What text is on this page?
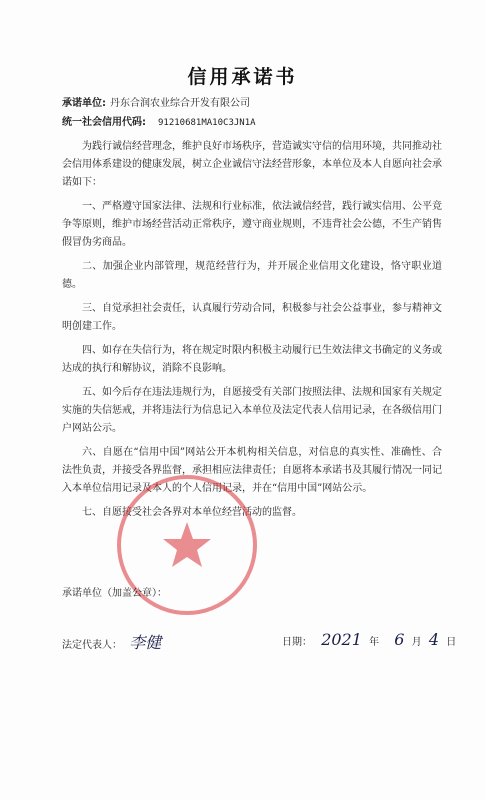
信用承诺书
承诺单位: 丹东合润农业综合开发有限公司
统一社会信用代码: 91210681MA10C3JN1A

为践行诚信经营理念，维护良好市场秩序，营造诚实守信的信用环境，共同推动社会信用体系建设的健康发展，树立企业诚信守法经营形象，本单位及本人自愿向社会承诺如下：

一、严格遵守国家法律、法规和行业标准，依法诚信经营，践行诚实信用、公平竞争等原则，维护市场经营活动正常秩序，遵守商业规则，不违背社会公德，不生产销售假冒伪劣商品。

二、加强企业内部管理，规范经营行为，并开展企业信用文化建设，恪守职业道德。

三、自觉承担社会责任，认真履行劳动合同，积极参与社会公益事业，参与精神文明创建工作。

四、如存在失信行为，将在规定时限内积极主动履行已生效法律文书确定的义务或达成的执行和解协议，消除不良影响。

五、如今后存在违法违规行为，自愿接受有关部门按照法律、法规和国家有关规定实施的失信惩戒，并将违法行为信息记入本单位及法定代表人信用记录，在各级信用门户网站公示。

六、自愿在“信用中国”网站公开本机构相关信息，对信息的真实性、准确性、合法性负责，并接受各界监督，承担相应法律责任；自愿将本承诺书及其履行情况一同记入本单位信用记录及本人的个人信用记录，并在“信用中国”网站公示。

七、自愿接受社会各界对本单位经营活动的监督。

承诺单位（加盖公章）：
法定代表人： 李健	日期： 2021 年 6 月 4 日
